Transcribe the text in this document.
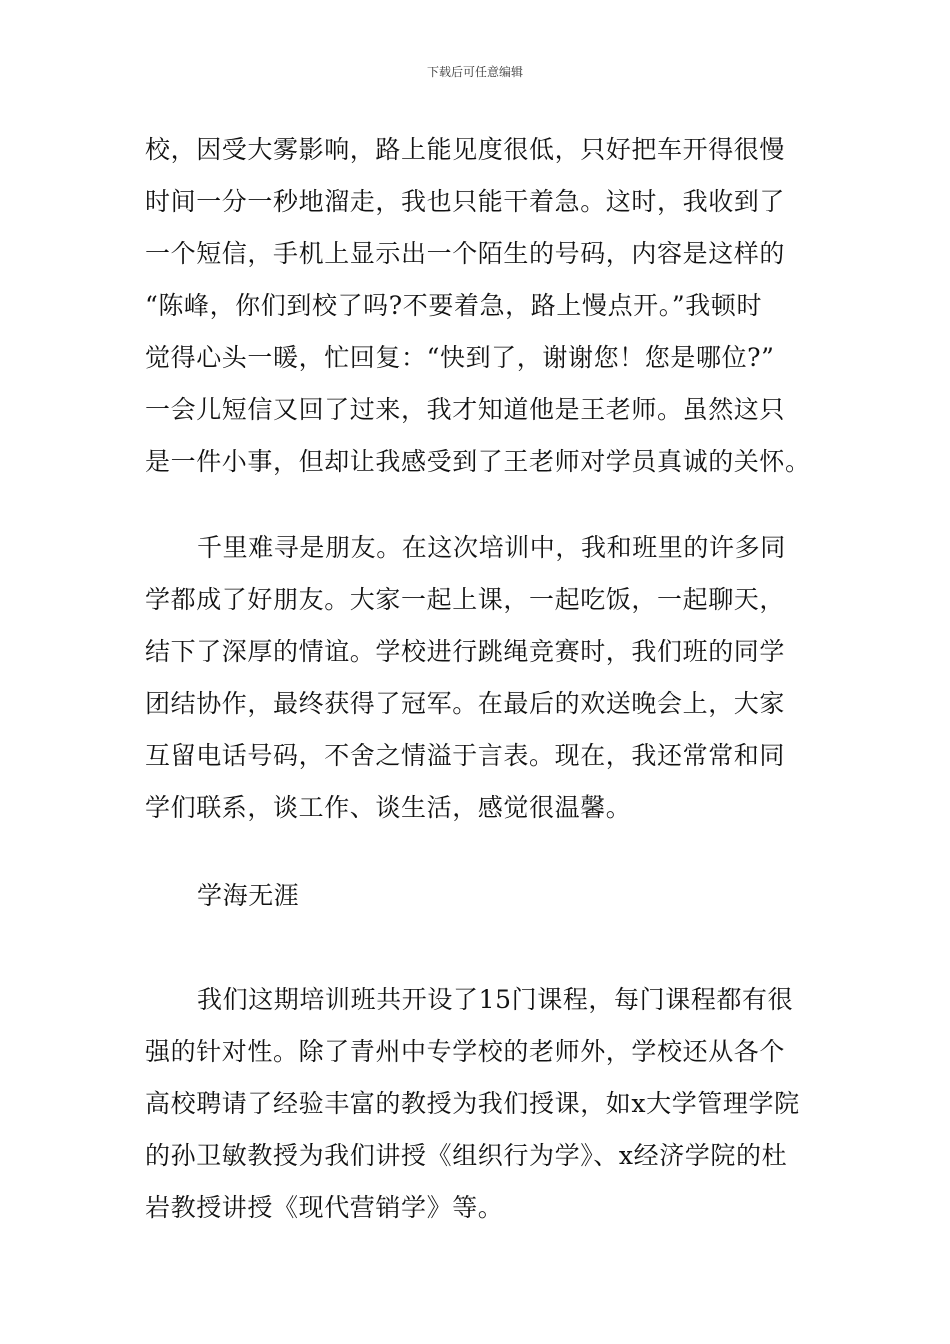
下载后可任意编辑
校，因受大雾影响，路上能见度很低，只好把车开得很慢
时间一分一秒地溜走，我也只能干着急。这时，我收到了
一个短信，手机上显示出一个陌生的号码，内容是这样的
“陈峰，你们到校了吗?不要着急，路上慢点开。”我顿时
觉得心头一暖，忙回复：“快到了，谢谢您！您是哪位?”
一会儿短信又回了过来，我才知道他是王老师。虽然这只
是一件小事，但却让我感受到了王老师对学员真诚的关怀。
千里难寻是朋友。在这次培训中，我和班里的许多同
学都成了好朋友。大家一起上课，一起吃饭，一起聊天，
结下了深厚的情谊。学校进行跳绳竞赛时，我们班的同学
团结协作，最终获得了冠军。在最后的欢送晚会上，大家
互留电话号码，不舍之情溢于言表。现在，我还常常和同
学们联系，谈工作、谈生活，感觉很温馨。
学海无涯
我们这期培训班共开设了15门课程，每门课程都有很
强的针对性。除了青州中专学校的老师外，学校还从各个
高校聘请了经验丰富的教授为我们授课，如x大学管理学院
的孙卫敏教授为我们讲授《组织行为学》、x经济学院的杜
岩教授讲授《现代营销学》等。
